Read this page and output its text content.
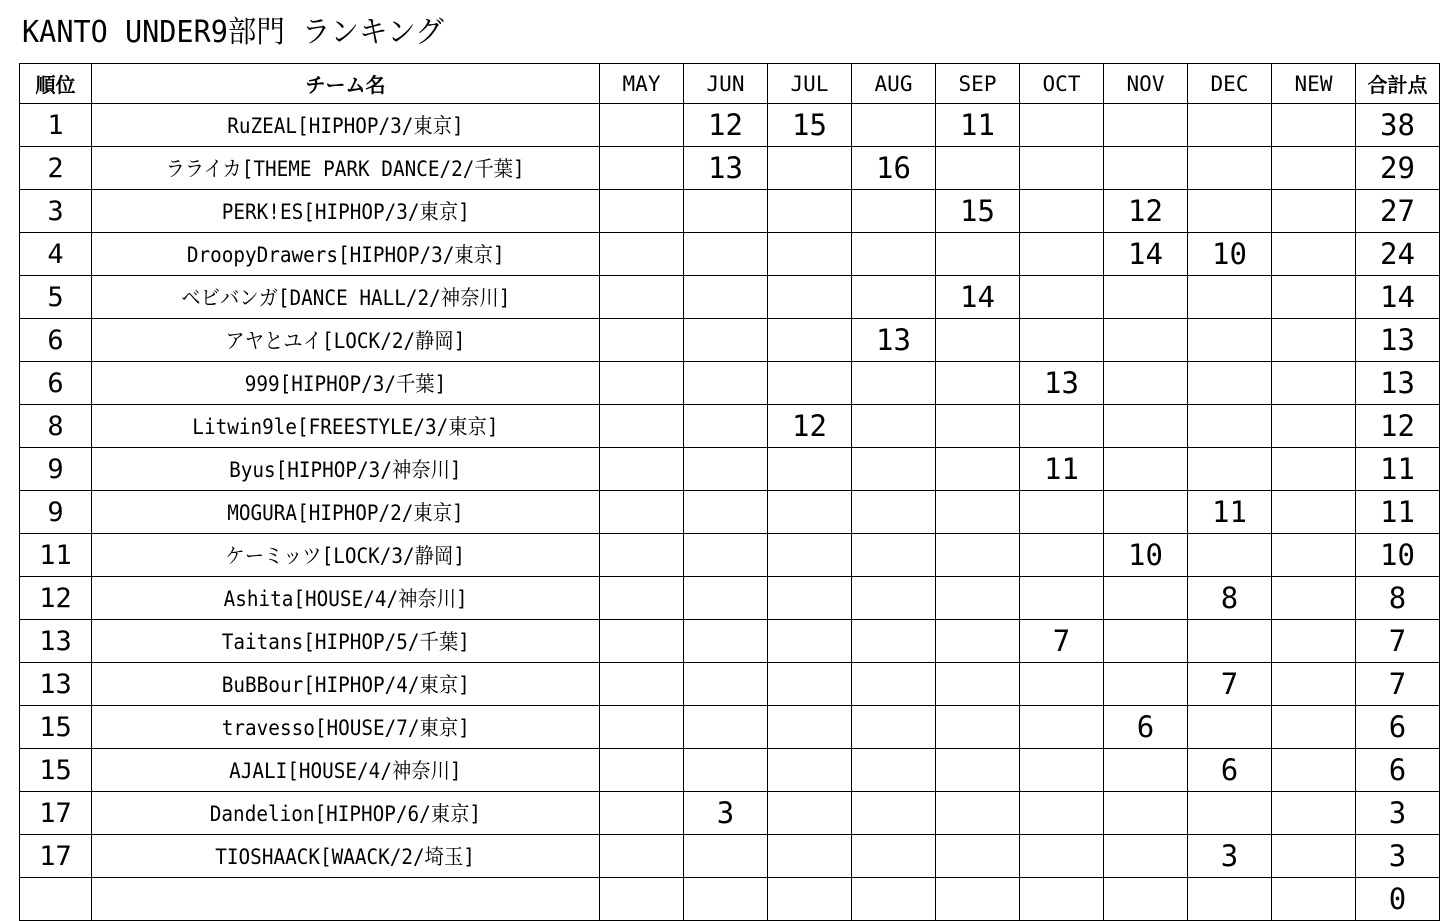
KANTO UNDER9部門 ランキング
順位	チーム名	MAY	JUN	JUL	AUG	SEP	OCT	NOV	DEC	NEW	合計点
1	RuZEAL[HIPHOP/3/東京]		12	15		11					38
2	ラライカ[THEME PARK DANCE/2/千葉]		13		16						29
3	PERK!ES[HIPHOP/3/東京]					15		12			27
4	DroopyDrawers[HIPHOP/3/東京]							14	10		24
5	ベビバンガ[DANCE HALL/2/神奈川]					14					14
6	アヤとユイ[LOCK/2/静岡]				13						13
6	999[HIPHOP/3/千葉]						13				13
8	Litwin9le[FREESTYLE/3/東京]			12							12
9	Byus[HIPHOP/3/神奈川]						11				11
9	MOGURA[HIPHOP/2/東京]								11		11
11	ケーミッツ[LOCK/3/静岡]							10			10
12	Ashita[HOUSE/4/神奈川]								8		8
13	Taitans[HIPHOP/5/千葉]						7				7
13	BuBBour[HIPHOP/4/東京]								7		7
15	travesso[HOUSE/7/東京]							6			6
15	AJALI[HOUSE/4/神奈川]								6		6
17	Dandelion[HIPHOP/6/東京]		3								3
17	TIOSHAACK[WAACK/2/埼玉]								3		3
											0
